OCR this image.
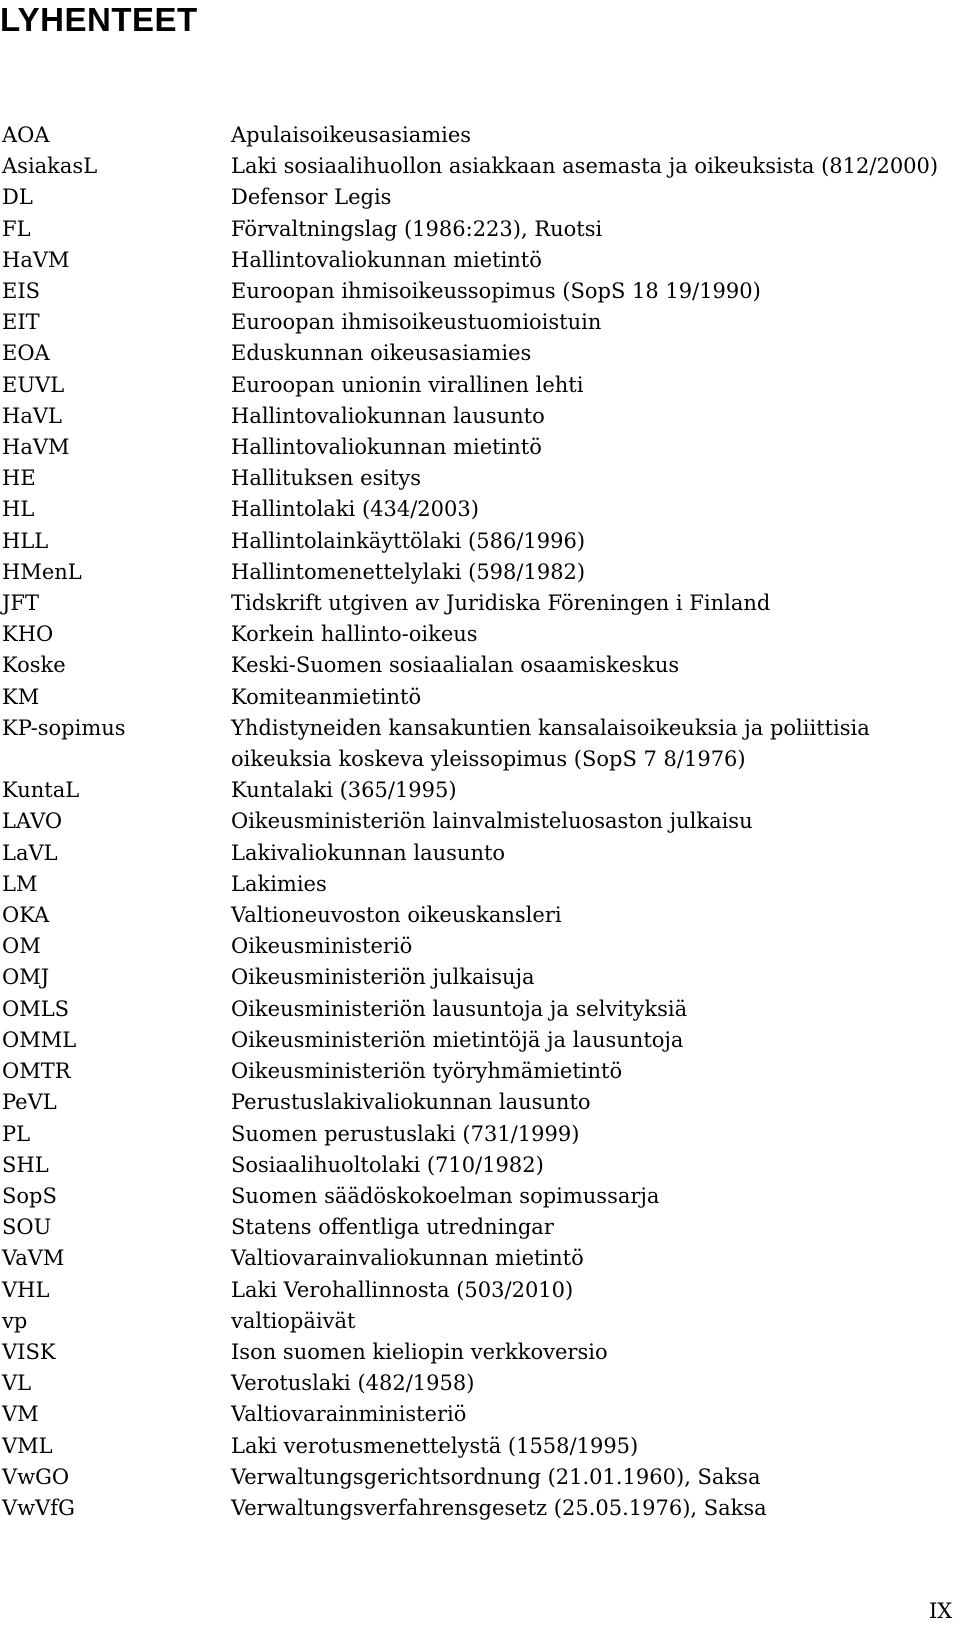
LYHENTEET
AOA	Apulaisoikeusasiamies
AsiakasL	Laki sosiaalihuollon asiakkaan asemasta ja oikeuksista (812/2000)
DL	Defensor Legis
FL	Förvaltningslag (1986:223), Ruotsi
HaVM	Hallintovaliokunnan mietintö
EIS	Euroopan ihmisoikeussopimus (SopS 18 19/1990)
EIT	Euroopan ihmisoikeustuomioistuin
EOA	Eduskunnan oikeusasiamies
EUVL	Euroopan unionin virallinen lehti
HaVL	Hallintovaliokunnan lausunto
HaVM	Hallintovaliokunnan mietintö
HE	Hallituksen esitys
HL	Hallintolaki (434/2003)
HLL	Hallintolainkäyttölaki (586/1996)
HMenL	Hallintomenettelylaki (598/1982)
JFT	Tidskrift utgiven av Juridiska Föreningen i Finland
KHO	Korkein hallinto-oikeus
Koske	Keski-Suomen sosiaalialan osaamiskeskus
KM	Komiteanmietintö
KP-sopimus	Yhdistyneiden kansakuntien kansalaisoikeuksia ja poliittisia oikeuksia koskeva yleissopimus (SopS 7 8/1976)
KuntaL	Kuntalaki (365/1995)
LAVO	Oikeusministeriön lainvalmisteluosaston julkaisu
LaVL	Lakivaliokunnan lausunto
LM	Lakimies
OKA	Valtioneuvoston oikeuskansleri
OM	Oikeusministeriö
OMJ	Oikeusministeriön julkaisuja
OMLS	Oikeusministeriön lausuntoja ja selvityksiä
OMML	Oikeusministeriön mietintöjä ja lausuntoja
OMTR	Oikeusministeriön työryhmämietintö
PeVL	Perustuslakivaliokunnan lausunto
PL	Suomen perustuslaki (731/1999)
SHL	Sosiaalihuoltolaki (710/1982)
SopS	Suomen säädöskokoelman sopimussarja
SOU	Statens offentliga utredningar
VaVM	Valtiovarainvaliokunnan mietintö
VHL	Laki Verohallinnosta (503/2010)
vp	valtiopäivät
VISK	Ison suomen kieliopin verkkoversio
VL	Verotuslaki (482/1958)
VM	Valtiovarainministeriö
VML	Laki verotusmenettelystä (1558/1995)
VwGO	Verwaltungsgerichtsordnung (21.01.1960), Saksa
VwVfG	Verwaltungsverfahrensgesetz (25.05.1976), Saksa
IX
